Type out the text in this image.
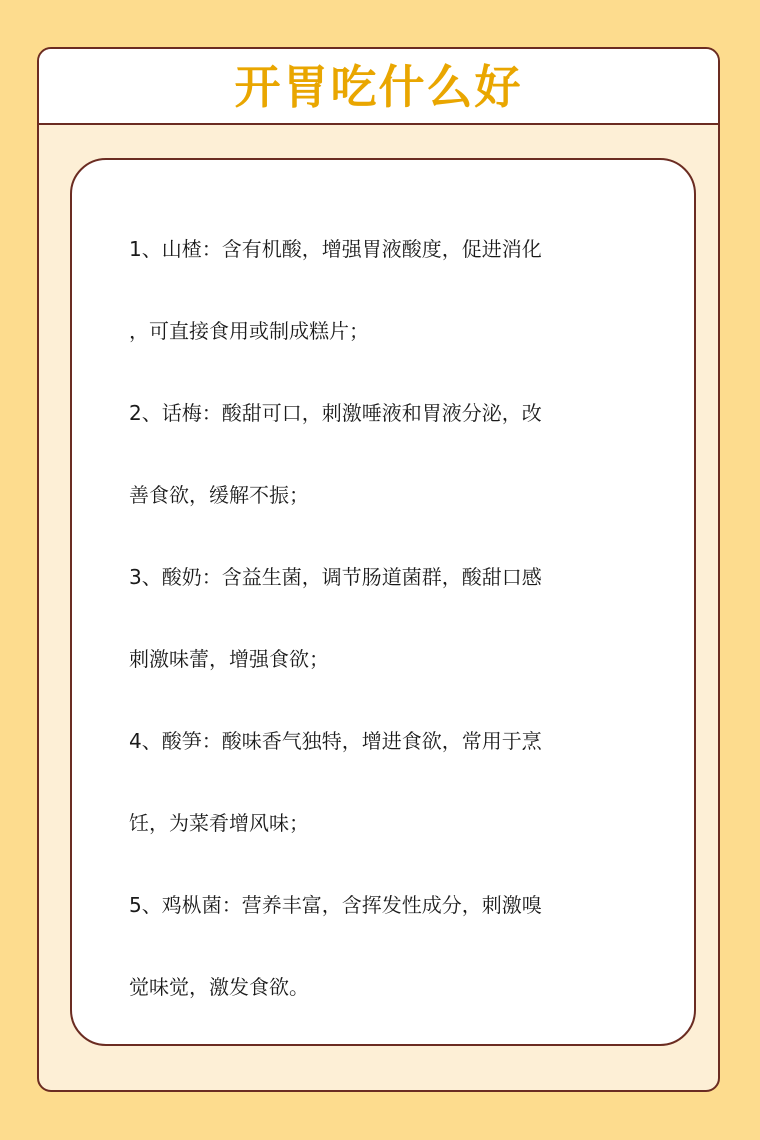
开胃吃什么好
1、山楂：含有机酸，增强胃液酸度，促进消化
，可直接食用或制成糕片；
2、话梅：酸甜可口，刺激唾液和胃液分泌，改
善食欲，缓解不振；
3、酸奶：含益生菌，调节肠道菌群，酸甜口感
刺激味蕾，增强食欲；
4、酸笋：酸味香气独特，增进食欲，常用于烹
饪，为菜肴增风味；
5、鸡枞菌：营养丰富，含挥发性成分，刺激嗅
觉味觉，激发食欲。
